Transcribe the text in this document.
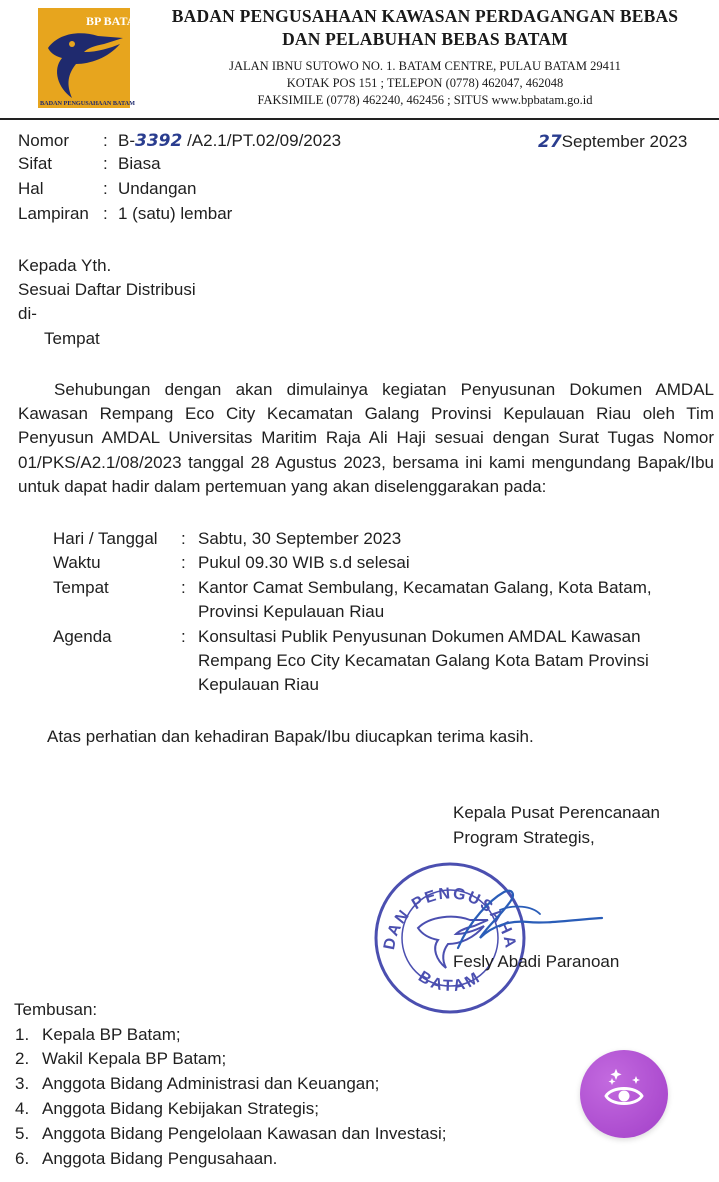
BP BATAM
BADAN PENGUSAHAAN BATAM
BADAN PENGUSAHAAN KAWASAN PERDAGANGAN BEBAS
DAN PELABUHAN BEBAS BATAM
JALAN IBNU SUTOWO NO. 1. BATAM CENTRE, PULAU BATAM 29411
KOTAK POS 151 ; TELEPON (0778) 462047, 462048
FAKSIMILE (0778) 462240, 462456 ; SITUS www.bpbatam.go.id
Nomor : B-3392 /A2.1/PT.02/09/2023	27September 2023
Sifat	: Biasa
Hal	: Undangan
Lampiran : 1 (satu) lembar
Kepada Yth.
Sesuai Daftar Distribusi
di-
Tempat
Sehubungan dengan akan dimulainya kegiatan Penyusunan Dokumen AMDAL Kawasan Rempang Eco City Kecamatan Galang Provinsi Kepulauan Riau oleh Tim Penyusun AMDAL Universitas Maritim Raja Ali Haji sesuai dengan Surat Tugas Nomor 01/PKS/A2.1/08/2023 tanggal 28 Agustus 2023, bersama ini kami mengundang Bapak/Ibu untuk dapat hadir dalam pertemuan yang akan diselenggarakan pada:
Hari / Tanggal : Sabtu, 30 September 2023
Waktu	: Pukul 09.30 WIB s.d selesai
Tempat	: Kantor Camat Sembulang, Kecamatan Galang, Kota Batam, Provinsi Kepulauan Riau
Agenda	: Konsultasi Publik Penyusunan Dokumen AMDAL Kawasan Rempang Eco City Kecamatan Galang Kota Batam Provinsi Kepulauan Riau
Atas perhatian dan kehadiran Bapak/Ibu diucapkan terima kasih.
Kepala Pusat Perencanaan
Program Strategis,
DAN PENGUSAHA
BATAM
Fesly Abadi Paranoan
Tembusan:
1. Kepala BP Batam;
2. Wakil Kepala BP Batam;
3. Anggota Bidang Administrasi dan Keuangan;
4. Anggota Bidang Kebijakan Strategis;
5. Anggota Bidang Pengelolaan Kawasan dan Investasi;
6. Anggota Bidang Pengusahaan.
